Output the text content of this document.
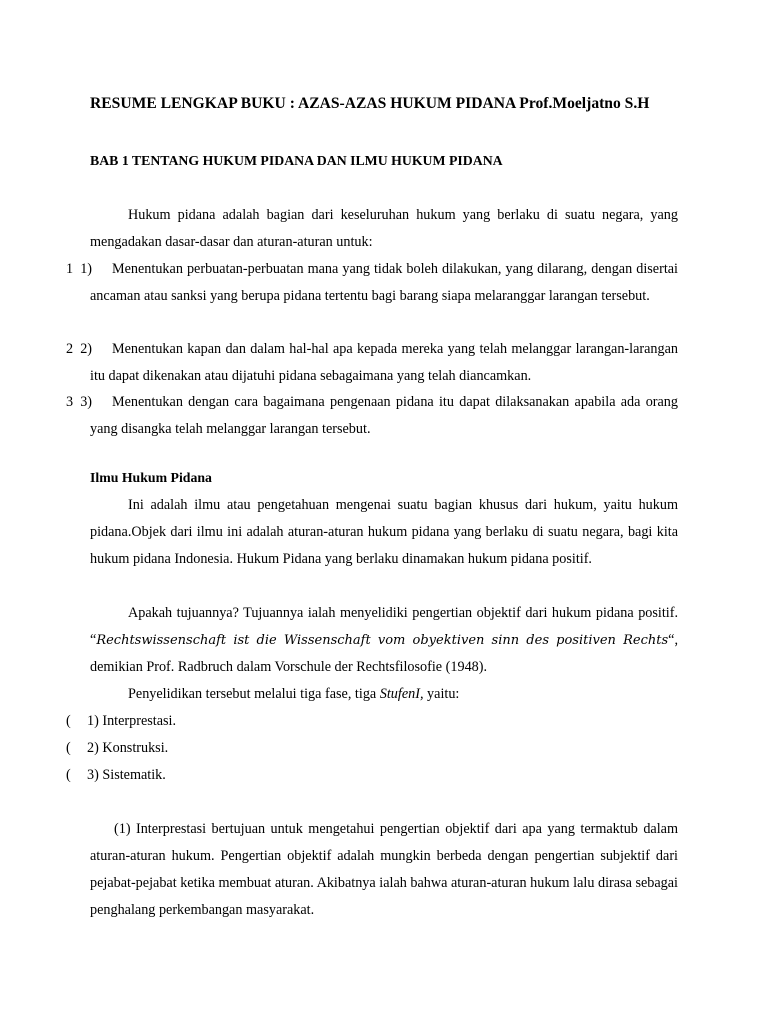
RESUME LENGKAP BUKU : AZAS-AZAS HUKUM PIDANA Prof.Moeljatno S.H
BAB 1 TENTANG HUKUM PIDANA DAN ILMU HUKUM PIDANA

Hukum pidana adalah bagian dari keseluruhan hukum yang berlaku di suatu negara, yang mengadakan dasar-dasar dan aturan-aturan untuk:

1  1)	Menentukan perbuatan-perbuatan mana yang tidak boleh dilakukan, yang dilarang, dengan disertai ancaman atau sanksi yang berupa pidana tertentu bagi barang siapa melaranggar larangan tersebut.
2  2)	Menentukan kapan dan dalam hal-hal apa kepada mereka yang telah melanggar larangan-larangan itu dapat dikenakan atau dijatuhi pidana sebagaimana yang telah diancamkan.
3  3)	Menentukan dengan cara bagaimana pengenaan pidana itu dapat dilaksanakan apabila ada orang yang disangka telah melanggar larangan tersebut.
Ilmu Hukum Pidana

Ini adalah ilmu atau pengetahuan mengenai suatu bagian khusus dari hukum, yaitu hukum pidana.Objek dari ilmu ini adalah aturan-aturan hukum pidana yang berlaku di suatu negara, bagi kita hukum pidana Indonesia. Hukum Pidana yang berlaku dinamakan hukum pidana positif.

Apakah tujuannya? Tujuannya ialah menyelidiki pengertian objektif dari hukum pidana positif. “Rechtswissenschaft ist die Wissenschaft vom obyektiven sinn des positiven Rechts“, demikian Prof. Radbruch dalam Vorschule der Rechtsfilosofie (1948).

Penyelidikan tersebut melalui tiga fase, tiga StufenI, yaitu:

( 1) Interprestasi.
( 2) Konstruksi.
( 3) Sistematik.

(1) Interprestasi bertujuan untuk mengetahui pengertian objektif dari apa yang termaktub dalam aturan-aturan hukum. Pengertian objektif adalah mungkin berbeda dengan pengertian subjektif dari pejabat-pejabat ketika membuat aturan. Akibatnya ialah bahwa aturan-aturan hukum lalu dirasa sebagai penghalang perkembangan masyarakat.
